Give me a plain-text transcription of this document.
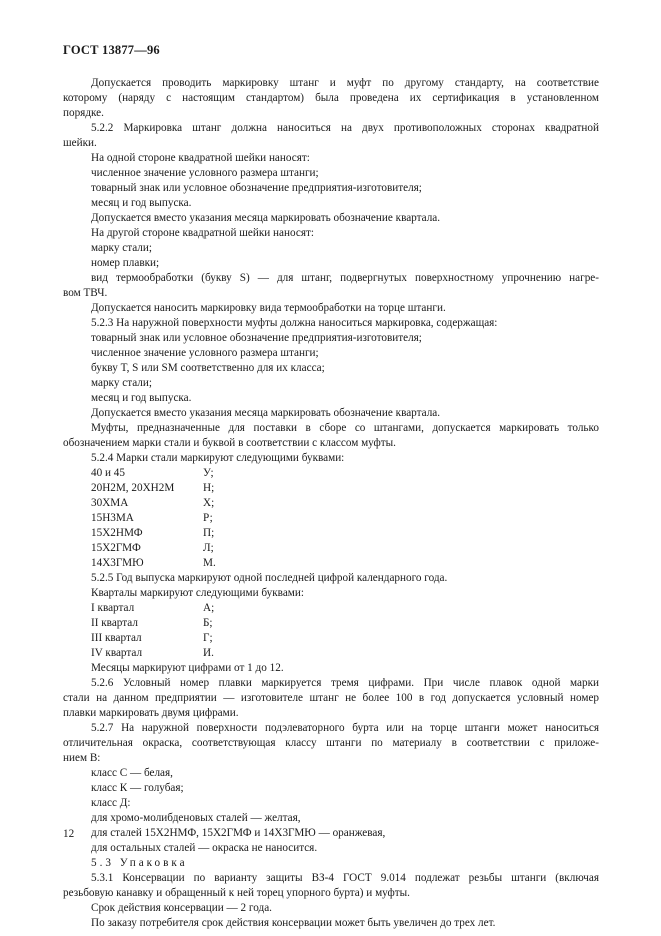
ГОСТ 13877—96
Допускается проводить маркировку штанг и муфт по другому стандарту, на соответствие
которому (наряду с настоящим стандартом) была проведена их сертификация в установленном
порядке.
5.2.2 Маркировка штанг должна наноситься на двух противоположных сторонах квадратной
шейки.
На одной стороне квадратной шейки наносят:
численное значение условного размера штанги;
товарный знак или условное обозначение предприятия-изготовителя;
месяц и год выпуска.
Допускается вместо указания месяца маркировать обозначение квартала.
На другой стороне квадратной шейки наносят:
марку стали;
номер плавки;
вид термообработки (букву S) — для штанг, подвергнутых поверхностному упрочнению нагре-
вом ТВЧ.
Допускается наносить маркировку вида термообработки на торце штанги.
5.2.3 На наружной поверхности муфты должна наноситься маркировка, содержащая:
товарный знак или условное обозначение предприятия-изготовителя;
численное значение условного размера штанги;
букву T, S или SM соответственно для их класса;
марку стали;
месяц и год выпуска.
Допускается вместо указания месяца маркировать обозначение квартала.
Муфты, предназначенные для поставки в сборе со штангами, допускается маркировать только
обозначением марки стали и буквой в соответствии с классом муфты.
5.2.4 Марки стали маркируют следующими буквами:
40 и 45	У;
20Н2М, 20ХН2М	Н;
30ХМА	Х;
15Н3МА	Р;
15Х2НМФ	П;
15Х2ГМФ	Л;
14Х3ГМЮ	М.
5.2.5 Год выпуска маркируют одной последней цифрой календарного года.
Кварталы маркируют следующими буквами:
I квартал	А;
II квартал	Б;
III квартал	Г;
IV квартал	И.
Месяцы маркируют цифрами от 1 до 12.
5.2.6 Условный номер плавки маркируется тремя цифрами. При числе плавок одной марки
стали на данном предприятии — изготовителе штанг не более 100 в год допускается условный номер
плавки маркировать двумя цифрами.
5.2.7 На наружной поверхности подэлеваторного бурта или на торце штанги может наноситься
отличительная окраска, соответствующая классу штанги по материалу в соответствии с приложе-
нием В:
класс С — белая,
класс К — голубая;
класс Д:
для хромо-молибденовых сталей — желтая,
для сталей 15Х2НМФ, 15Х2ГМФ и 14Х3ГМЮ — оранжевая,
для остальных сталей — окраска не наносится.
5.3 Упаковка
5.3.1 Консервации по варианту защиты ВЗ-4 ГОСТ 9.014 подлежат резьбы штанги (включая
резьбовую канавку и обращенный к ней торец упорного бурта) и муфты.
Срок действия консервации — 2 года.
По заказу потребителя срок действия консервации может быть увеличен до трех лет.
12
